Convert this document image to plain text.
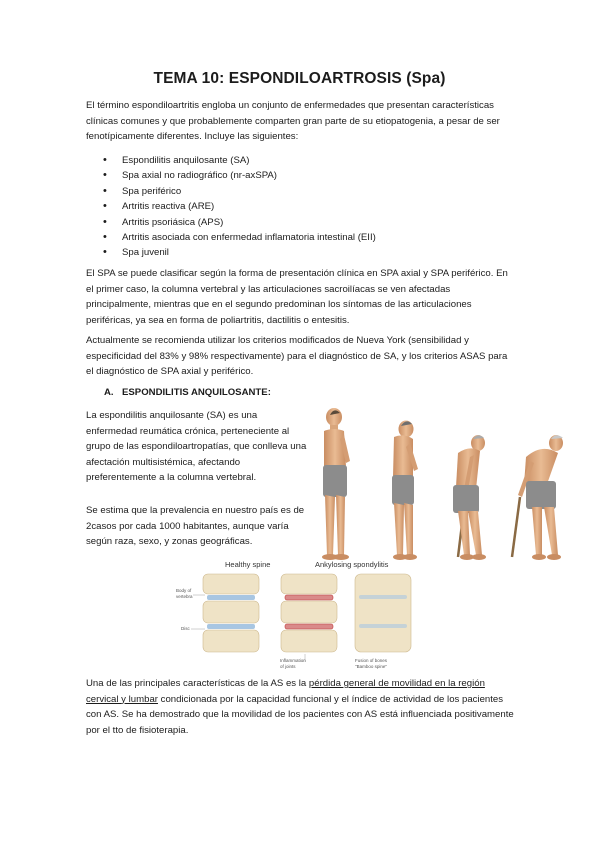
TEMA 10: ESPONDILOARTROSIS (Spa)

El término espondiloartritis engloba un conjunto de enfermedades que presentan características clínicas comunes y que probablemente comparten gran parte de su etiopatogenia, a pesar de ser fenotípicamente diferentes. Incluye las siguientes:

• Espondilitis anquilosante (SA)
• Spa axial no radiográfico (nr-axSPA)
• Spa periférico
• Artritis reactiva (ARE)
• Artritis psoriásica (APS)
• Artritis asociada con enfermedad inflamatoria intestinal (EII)
• Spa juvenil

El SPA se puede clasificar según la forma de presentación clínica en SPA axial y SPA periférico. En el primer caso, la columna vertebral y las articulaciones sacroilíacas se ven afectadas principalmente, mientras que en el segundo predominan los síntomas de las articulaciones periféricas, ya sea en forma de poliartritis, dactilitis o entesitis.

Actualmente se recomienda utilizar los criterios modificados de Nueva York (sensibilidad y especificidad del 83% y 98% respectivamente) para el diagnóstico de SA, y los criterios ASAS para el diagnóstico de SPA axial y periférico.

A. ESPONDILITIS ANQUILOSANTE:

La espondilitis anquilosante (SA) es una enfermedad reumática crónica, perteneciente al grupo de las espondiloartropatías, que conlleva una afectación multisistémica, afectando preferentemente a la columna vertebral.

Se estima que la prevalencia en nuestro país es de 2casos por cada 1000 habitantes, aunque varía según raza, sexo, y zonas geográficas.

Healthy spine	Ankylosing spondylitis
Body of
vertebra
Disc
Inflammation
of joints
Fusion of bones
"Bamboo spine"

Una de las principales características de la AS es la pérdida general de movilidad en la región cervical y lumbar condicionada por la capacidad funcional y el índice de actividad de los pacientes con AS. Se ha demostrado que la movilidad de los pacientes con AS está influenciada positivamente por el tto de fisioterapia.
